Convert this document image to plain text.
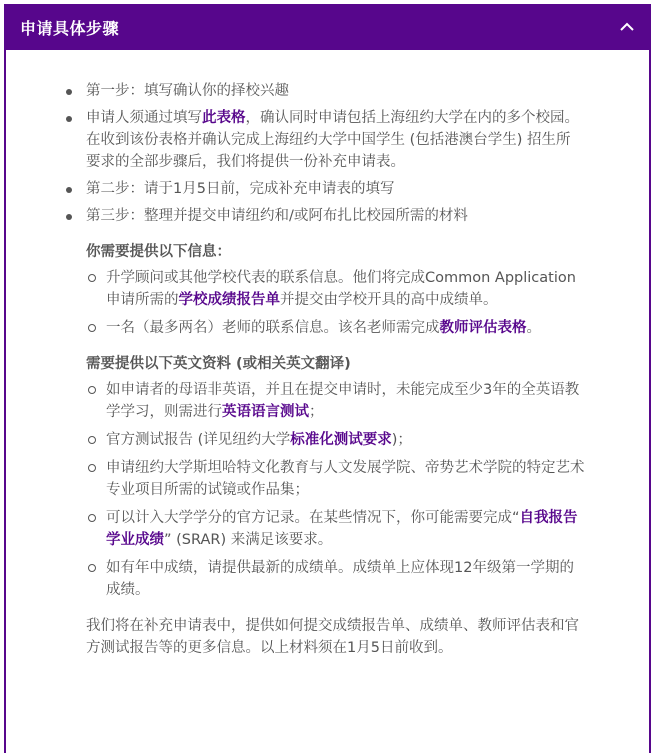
申请具体步骤
第一步：填写确认你的择校兴趣
申请人须通过填写此表格，确认同时申请包括上海纽约大学在内的多个校园。在收到该份表格并确认完成上海纽约大学中国学生 (包括港澳台学生) 招生所要求的全部步骤后，我们将提供一份补充申请表。
第二步：请于1月5日前，完成补充申请表的填写
第三步：整理并提交申请纽约和/或阿布扎比校园所需的材料
你需要提供以下信息：
升学顾问或其他学校代表的联系信息。他们将完成Common Application申请所需的学校成绩报告单并提交由学校开具的高中成绩单。
一名（最多两名）老师的联系信息。该名老师需完成教师评估表格。
需要提供以下英文资料 (或相关英文翻译)
如申请者的母语非英语，并且在提交申请时，未能完成至少3年的全英语教学学习，则需进行英语语言测试；
官方测试报告 (详见纽约大学标准化测试要求)；
申请纽约大学斯坦哈特文化教育与人文发展学院、帝势艺术学院的特定艺术专业项目所需的试镜或作品集；
可以计入大学学分的官方记录。在某些情况下，你可能需要完成“自我报告学业成绩” (SRAR) 来满足该要求。
如有年中成绩，请提供最新的成绩单。成绩单上应体现12年级第一学期的成绩。
我们将在补充申请表中，提供如何提交成绩报告单、成绩单、教师评估表和官方测试报告等的更多信息。以上材料须在1月5日前收到。
